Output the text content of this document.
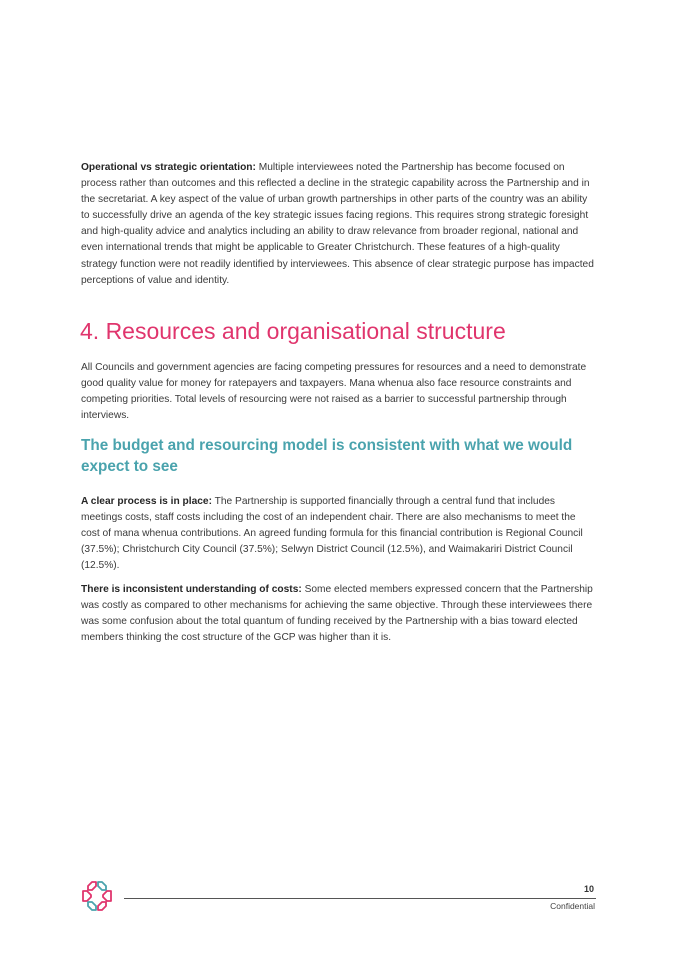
Operational vs strategic orientation: Multiple interviewees noted the Partnership has become focused on process rather than outcomes and this reflected a decline in the strategic capability across the Partnership and in the secretariat. A key aspect of the value of urban growth partnerships in other parts of the country was an ability to successfully drive an agenda of the key strategic issues facing regions. This requires strong strategic foresight and high-quality advice and analytics including an ability to draw relevance from broader regional, national and even international trends that might be applicable to Greater Christchurch. These features of a high-quality strategy function were not readily identified by interviewees. This absence of clear strategic purpose has impacted perceptions of value and identity.

4. Resources and organisational structure

All Councils and government agencies are facing competing pressures for resources and a need to demonstrate good quality value for money for ratepayers and taxpayers. Mana whenua also face resource constraints and competing priorities. Total levels of resourcing were not raised as a barrier to successful partnership through interviews.

The budget and resourcing model is consistent with what we would expect to see

A clear process is in place: The Partnership is supported financially through a central fund that includes meetings costs, staff costs including the cost of an independent chair. There are also mechanisms to meet the cost of mana whenua contributions. An agreed funding formula for this financial contribution is Regional Council (37.5%); Christchurch City Council (37.5%); Selwyn District Council (12.5%), and Waimakariri District Council (12.5%).

There is inconsistent understanding of costs: Some elected members expressed concern that the Partnership was costly as compared to other mechanisms for achieving the same objective. Through these interviewees there was some confusion about the total quantum of funding received by the Partnership with a bias toward elected members thinking the cost structure of the GCP was higher than it is.

10
Confidential
